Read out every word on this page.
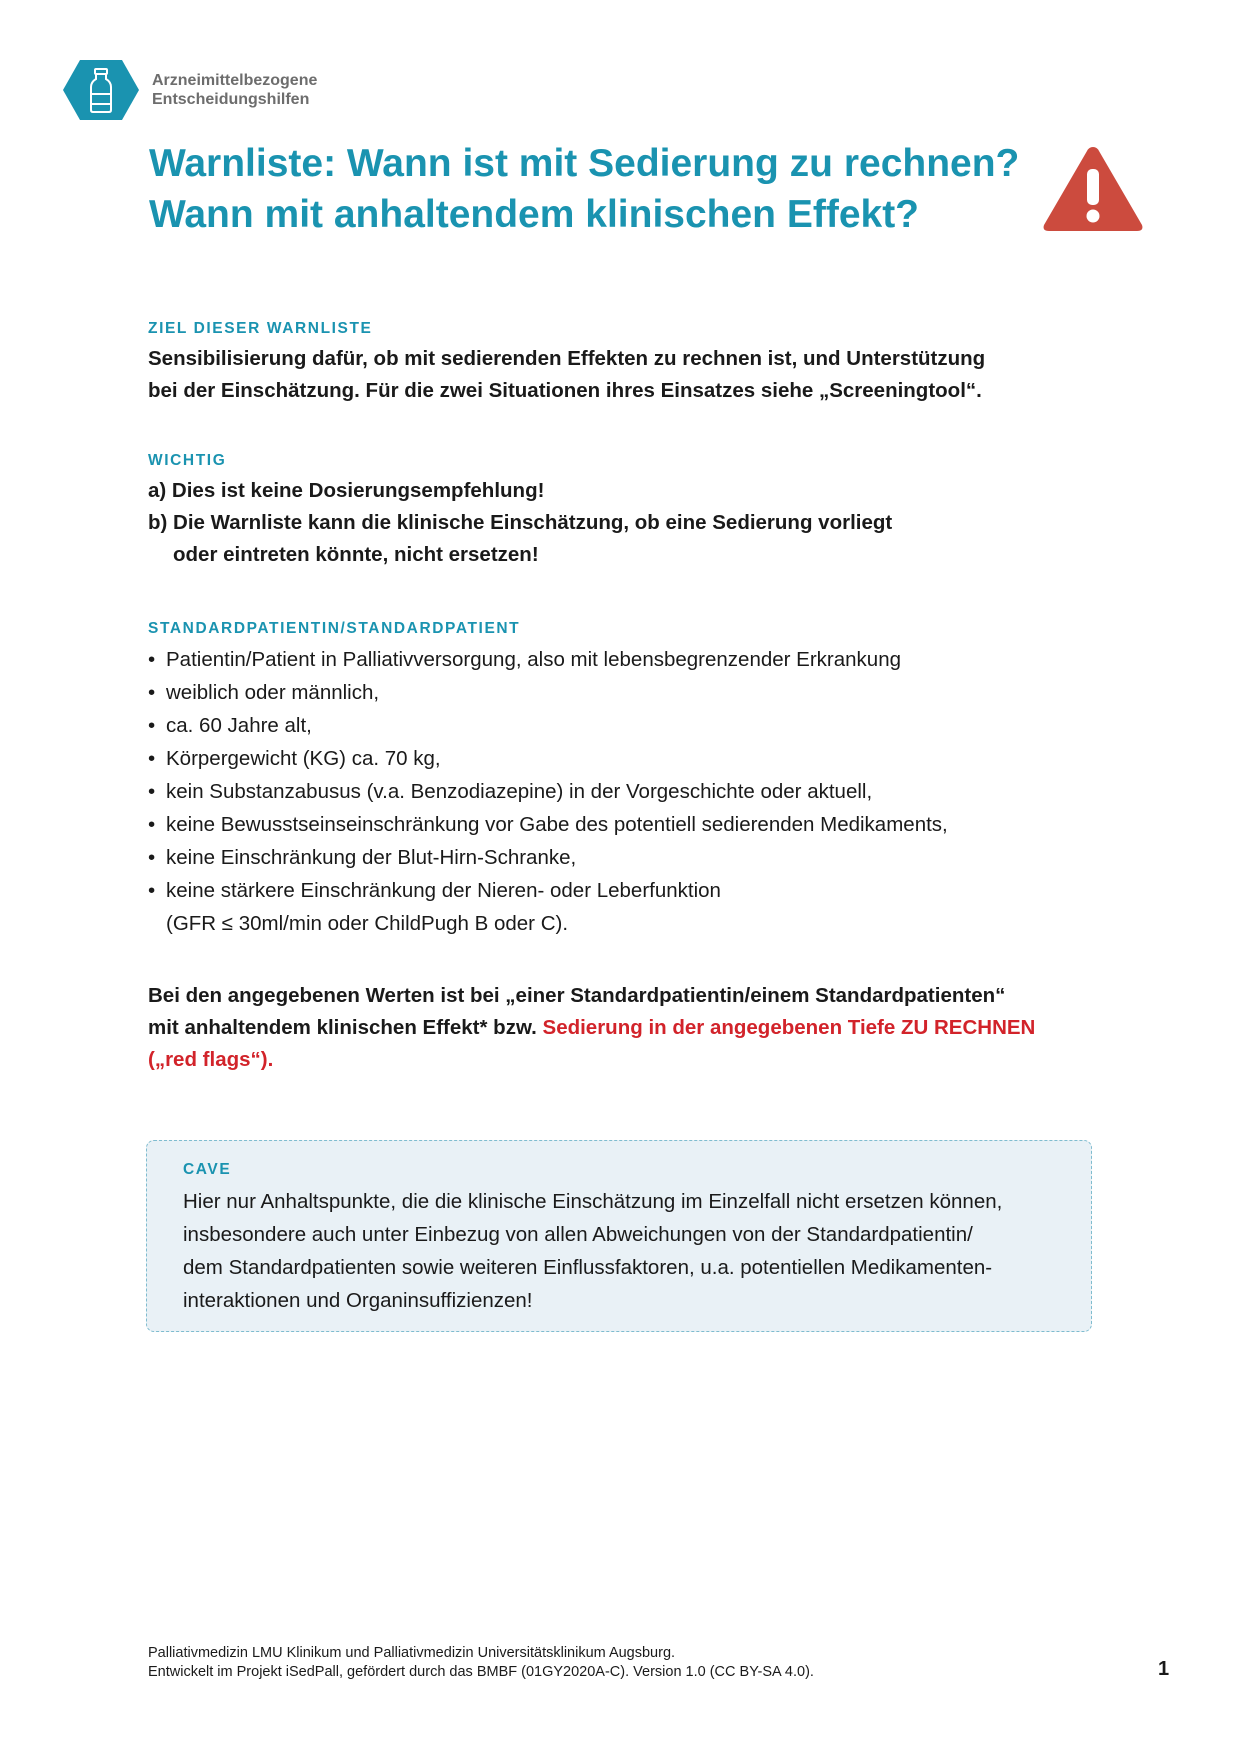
Arzneimittelbezogene
Entscheidungshilfen
Warnliste: Wann ist mit Sedierung zu rechnen?
Wann mit anhaltendem klinischen Effekt?
ZIEL DIESER WARNLISTE
Sensibilisierung dafür, ob mit sedierenden Effekten zu rechnen ist, und Unterstützung
bei der Einschätzung. Für die zwei Situationen ihres Einsatzes siehe „Screeningtool“.
WICHTIG
a) Dies ist keine Dosierungsempfehlung!
b) Die Warnliste kann die klinische Einschätzung, ob eine Sedierung vorliegt
oder eintreten könnte, nicht ersetzen!
STANDARDPATIENTIN/STANDARDPATIENT
• Patientin/Patient in Palliativversorgung, also mit lebensbegrenzender Erkrankung
• weiblich oder männlich,
• ca. 60 Jahre alt,
• Körpergewicht (KG) ca. 70 kg,
• kein Substanzabusus (v.a. Benzodiazepine) in der Vorgeschichte oder aktuell,
• keine Bewusstseinseinschränkung vor Gabe des potentiell sedierenden Medikaments,
• keine Einschränkung der Blut-Hirn-Schranke,
• keine stärkere Einschränkung der Nieren- oder Leberfunktion
(GFR ≤ 30ml/min oder ChildPugh B oder C).
Bei den angegebenen Werten ist bei „einer Standardpatientin/einem Standardpatienten“
mit anhaltendem klinischen Effekt* bzw. Sedierung in der angegebenen Tiefe ZU RECHNEN
(„red flags“).
CAVE
Hier nur Anhaltspunkte, die die klinische Einschätzung im Einzelfall nicht ersetzen können,
insbesondere auch unter Einbezug von allen Abweichungen von der Standardpatientin/
dem Standardpatienten sowie weiteren Einflussfaktoren, u.a. potentiellen Medikamenten-
interaktionen und Organinsuffizienzen!
Palliativmedizin LMU Klinikum und Palliativmedizin Universitätsklinikum Augsburg.
Entwickelt im Projekt iSedPall, gefördert durch das BMBF (01GY2020A-C). Version 1.0 (CC BY-SA 4.0).	1
